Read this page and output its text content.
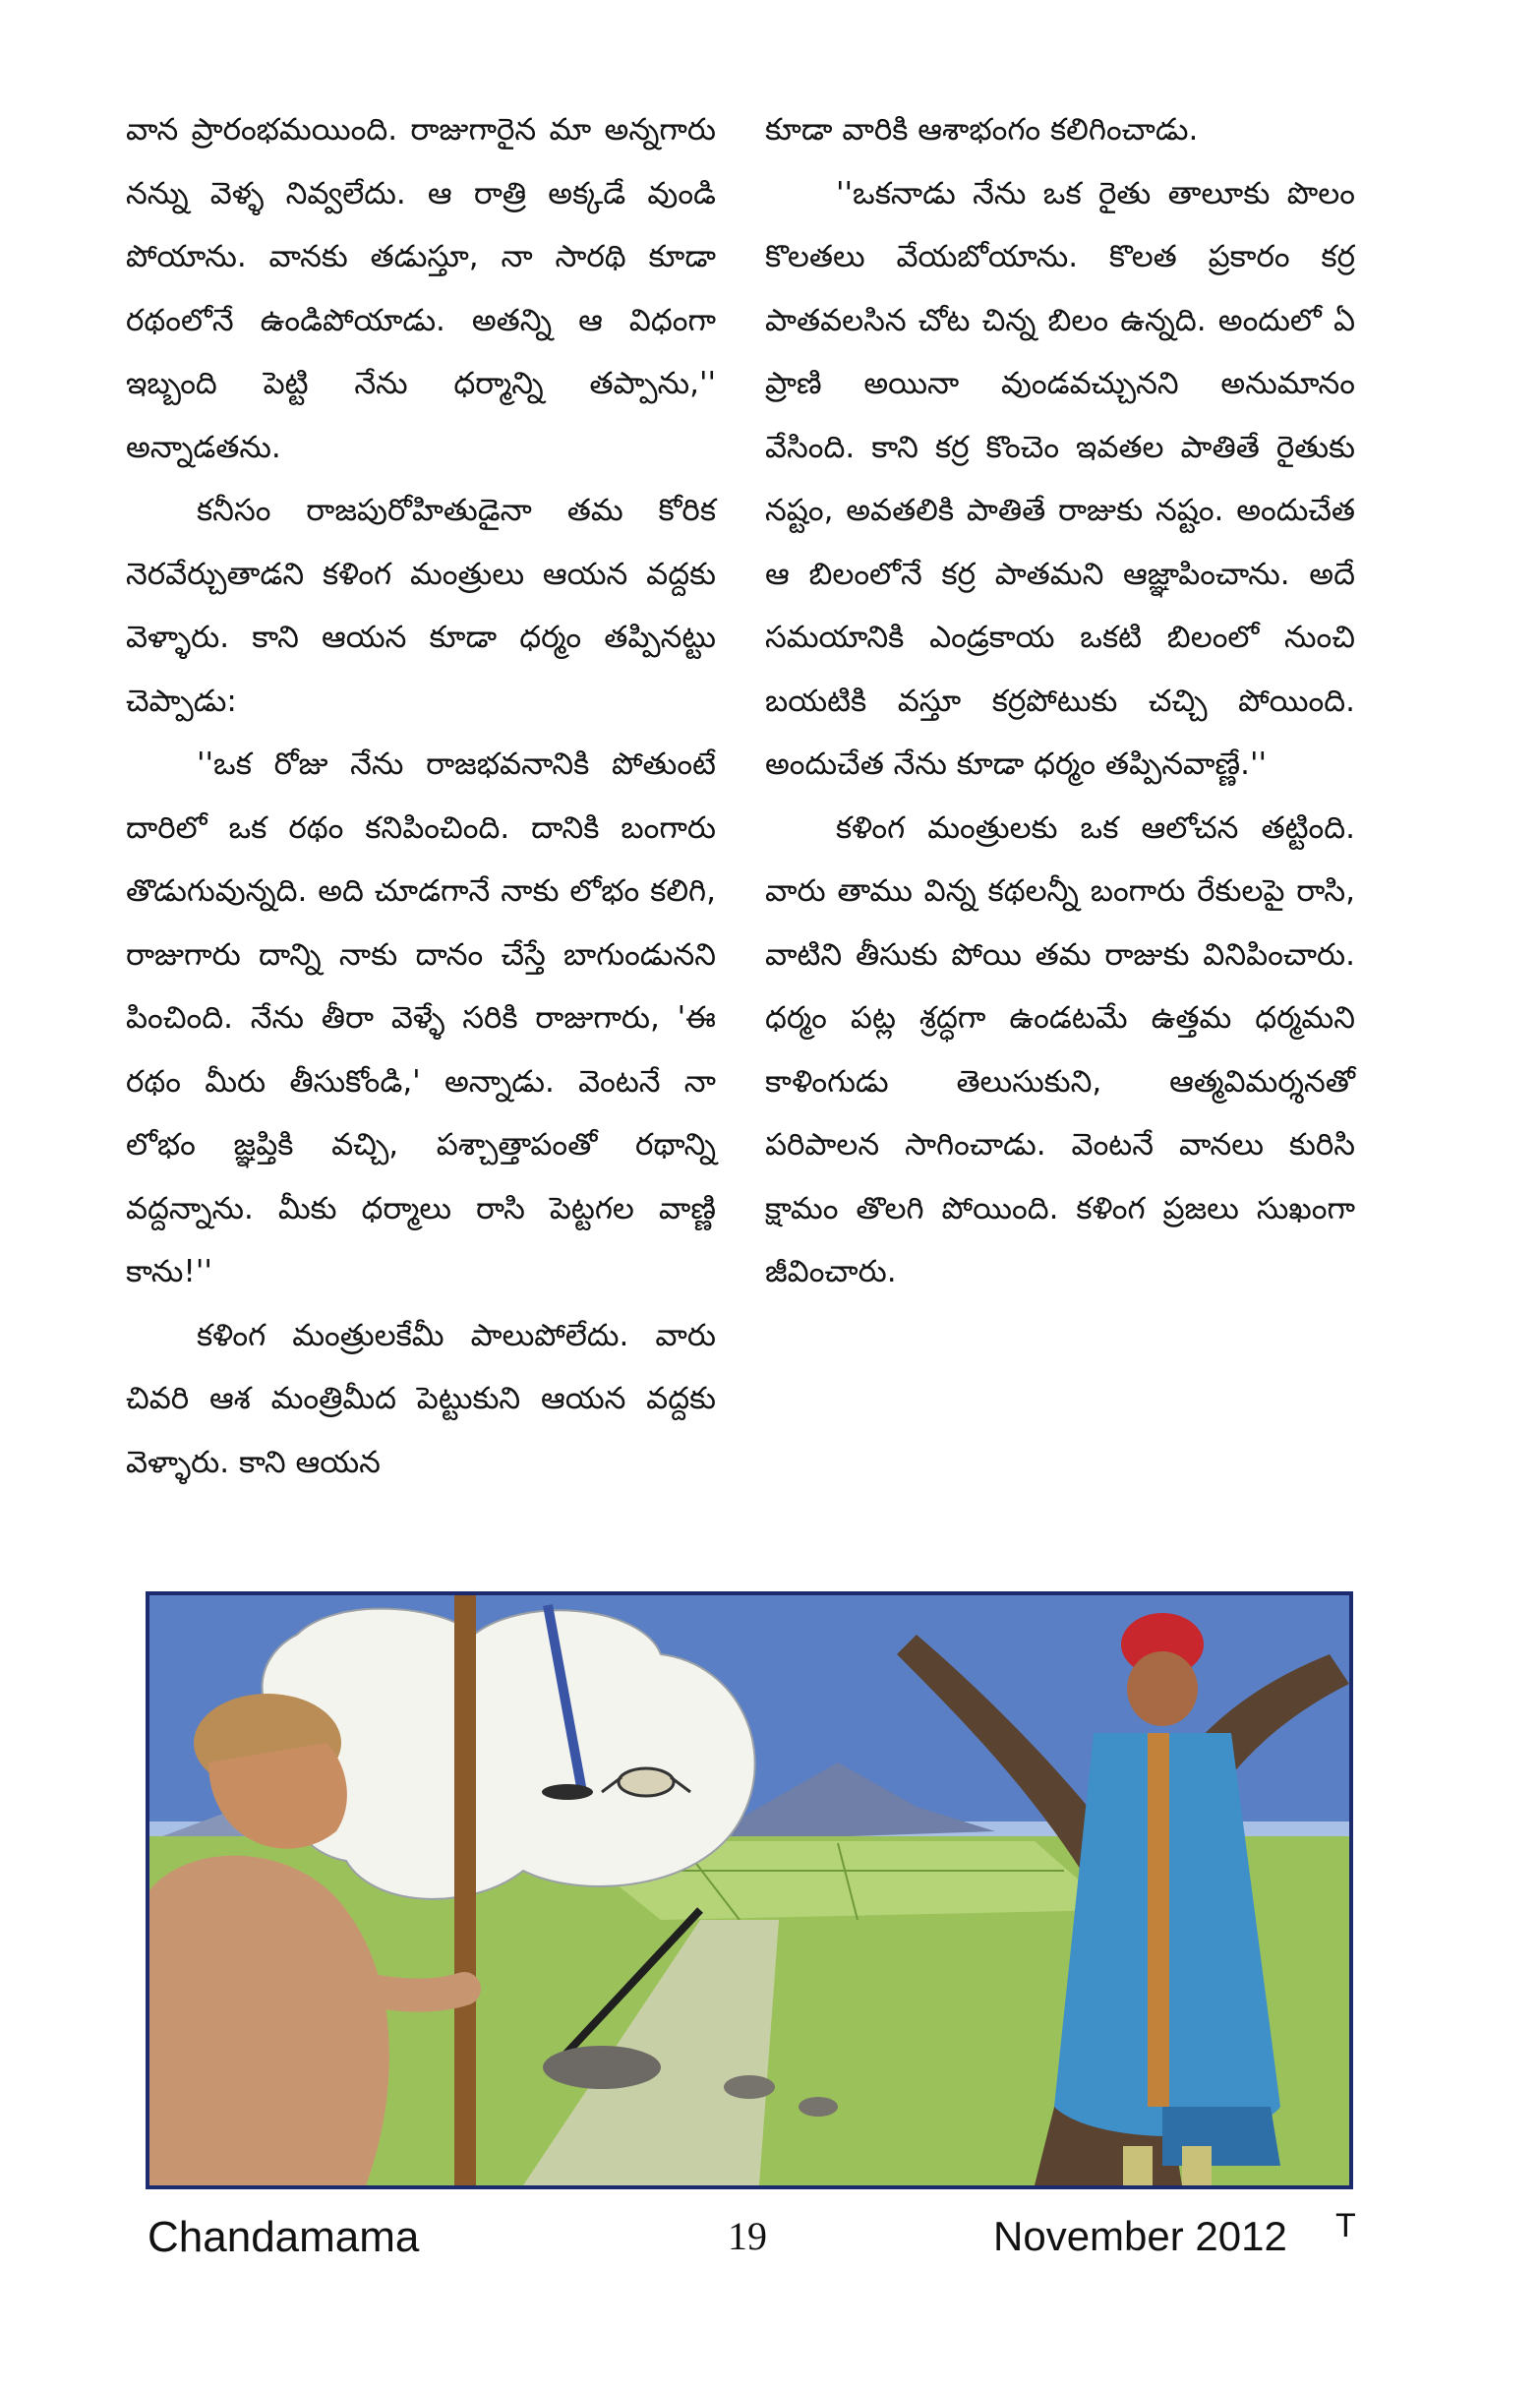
వాన ప్రారంభమయింది. రాజుగారైన మా అన్నగారు నన్ను వెళ్ళ నివ్వలేదు. ఆ రాత్రి అక్కడే వుండి పోయాను. వానకు తడుస్తూ, నా సారథి కూడా రథంలోనే ఉండిపోయాడు. అతన్ని ఆ విధంగా ఇబ్బంది పెట్టి నేను ధర్మాన్ని తప్పాను,'' అన్నాడతను.

కనీసం రాజపురోహితుడైనా తమ కోరిక నెరవేర్చుతాడని కళింగ మంత్రులు ఆయన వద్దకు వెళ్ళారు. కాని ఆయన కూడా ధర్మం తప్పినట్టు చెప్పాడు:

''ఒక రోజు నేను రాజభవనానికి పోతుంటే దారిలో ఒక రథం కనిపించింది. దానికి బంగారు తొడుగువున్నది. అది చూడగానే నాకు లోభం కలిగి, రాజుగారు దాన్ని నాకు దానం చేస్తే బాగుండునని పించింది. నేను తీరా వెళ్ళే సరికి రాజుగారు, 'ఈ రథం మీరు తీసుకోండి,' అన్నాడు. వెంటనే నా లోభం జ్ఞప్తికి వచ్చి, పశ్చాత్తాపంతో రథాన్ని వద్దన్నాను. మీకు ధర్మాలు రాసి పెట్టగల వాణ్ణి కాను!''

కళింగ మంత్రులకేమీ పాలుపోలేదు. వారు చివరి ఆశ మంత్రిమీద పెట్టుకుని ఆయన వద్దకు వెళ్ళారు. కాని ఆయన

కూడా వారికి ఆశాభంగం కలిగించాడు.

''ఒకనాడు నేను ఒక రైతు తాలూకు పొలం కొలతలు వేయబోయాను. కొలత ప్రకారం కర్ర పాతవలసిన చోట చిన్న బిలం ఉన్నది. అందులో ఏ ప్రాణి అయినా వుండవచ్చునని అనుమానం వేసింది. కాని కర్ర కొంచెం ఇవతల పాతితే రైతుకు నష్టం, అవతలికి పాతితే రాజుకు నష్టం. అందుచేత ఆ బిలంలోనే కర్ర పాతమని ఆజ్ఞాపించాను. అదే సమయానికి ఎండ్రకాయ ఒకటి బిలంలో నుంచి బయటికి వస్తూ కర్రపోటుకు చచ్చి పోయింది. అందుచేత నేను కూడా ధర్మం తప్పినవాణ్ణే.''

కళింగ మంత్రులకు ఒక ఆలోచన తట్టింది. వారు తాము విన్న కథలన్నీ బంగారు రేకులపై రాసి, వాటిని తీసుకు పోయి తమ రాజుకు వినిపించారు. ధర్మం పట్ల శ్రద్ధగా ఉండటమే ఉత్తమ ధర్మమని కాళింగుడు తెలుసుకుని, ఆత్మవిమర్శనతో పరిపాలన సాగించాడు. వెంటనే వానలు కురిసి క్షామం తొలగి పోయింది. కళింగ ప్రజలు సుఖంగా జీవించారు.

Chandamama	19	November 2012 T
